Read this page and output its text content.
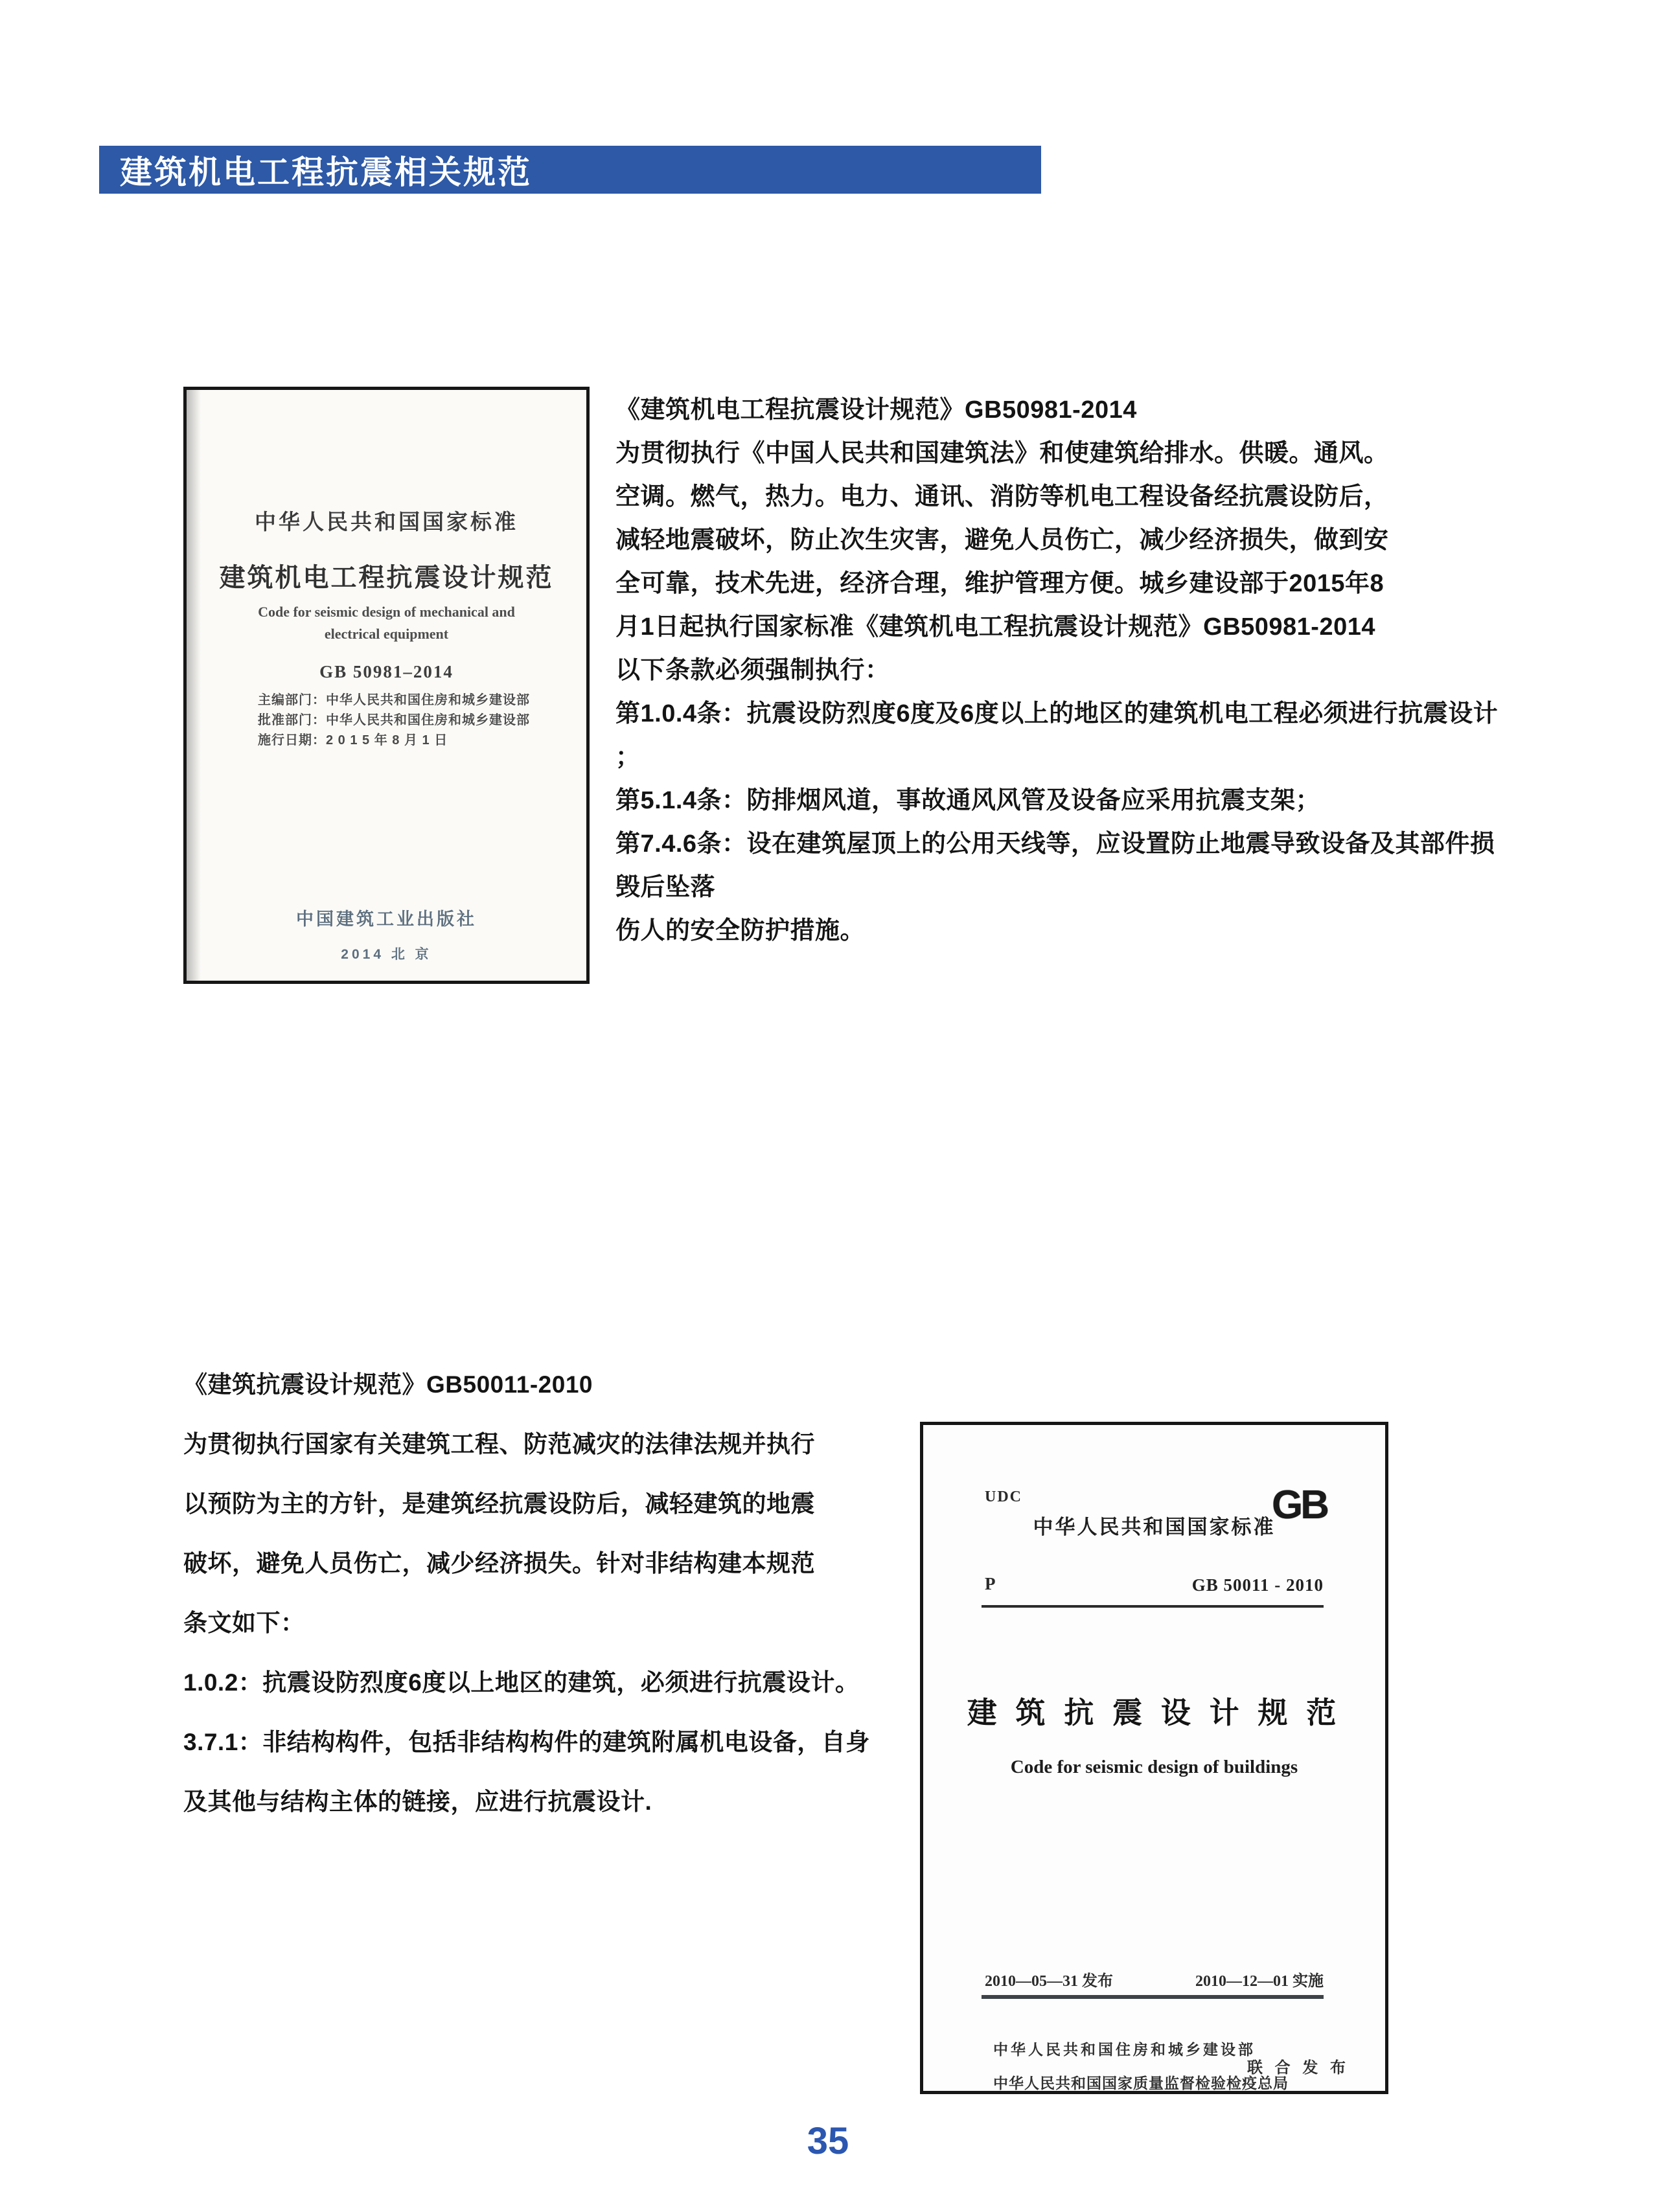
建筑机电工程抗震相关规范
中华人民共和国国家标准
建筑机电工程抗震设计规范
Code for seismic design of mechanical and
electrical equipment
GB 50981–2014
主编部门：中华人民共和国住房和城乡建设部
批准部门：中华人民共和国住房和城乡建设部
施行日期：2 0 1 5 年 8 月 1 日
中国建筑工业出版社
2014 北 京
《建筑机电工程抗震设计规范》GB50981-2014
为贯彻执行《中国人民共和国建筑法》和使建筑给排水。供暖。通风。
空调。燃气，热力。电力、通讯、消防等机电工程设备经抗震设防后，
减轻地震破坏，防止次生灾害，避免人员伤亡，减少经济损失，做到安
全可靠，技术先进，经济合理，维护管理方便。城乡建设部于2015年8
月1日起执行国家标准《建筑机电工程抗震设计规范》GB50981-2014
以下条款必须强制执行：
第1.0.4条：抗震设防烈度6度及6度以上的地区的建筑机电工程必须进行抗震设计
；
第5.1.4条：防排烟风道，事故通风风管及设备应采用抗震支架；
第7.4.6条：设在建筑屋顶上的公用天线等，应设置防止地震导致设备及其部件损
毁后坠落
伤人的安全防护措施。
《建筑抗震设计规范》GB50011-2010
为贯彻执行国家有关建筑工程、防范减灾的法律法规并执行
以预防为主的方针，是建筑经抗震设防后，减轻建筑的地震
破坏，避免人员伤亡，减少经济损失。针对非结构建本规范
条文如下：
1.0.2：抗震设防烈度6度以上地区的建筑，必须进行抗震设计。
3.7.1：非结构构件，包括非结构构件的建筑附属机电设备，自身
及其他与结构主体的链接，应进行抗震设计.
UDC	GB
中华人民共和国国家标准
P	GB 50011 - 2010
建 筑 抗 震 设 计 规 范
Code for seismic design of buildings
2010—05—31 发布	2010—12—01 实施
中华人民共和国住房和城乡建设部
中华人民共和国国家质量监督检验检疫总局
联 合 发 布
35
